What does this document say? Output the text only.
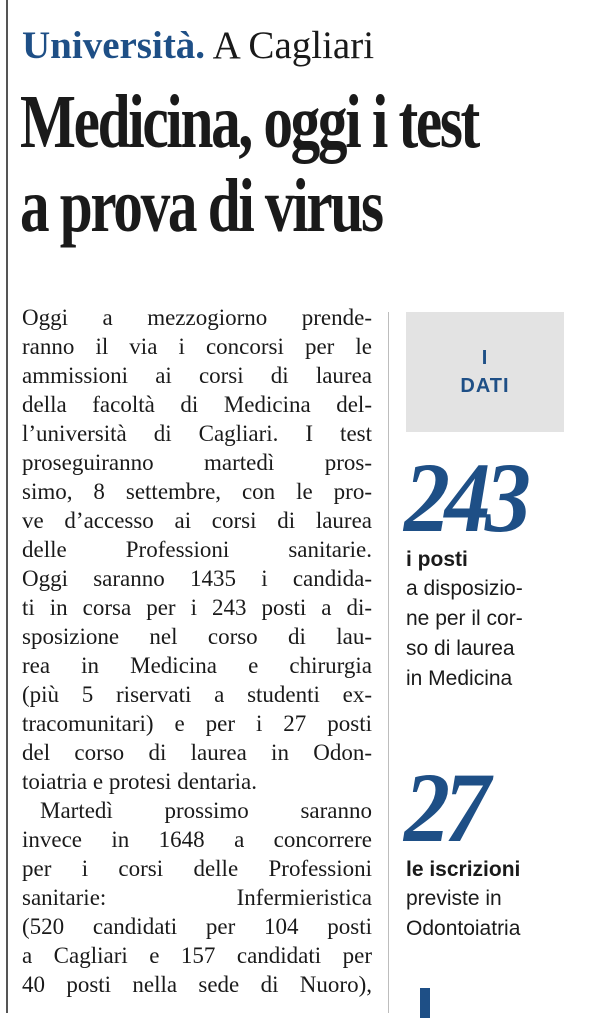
Università. A Cagliari
Medicina, oggi i test
a prova di virus
Oggi a mezzogiorno prende-
ranno il via i concorsi per le
ammissioni ai corsi di laurea
della facoltà di Medicina del-
l’università di Cagliari. I test
proseguiranno martedì pros-
simo, 8 settembre, con le pro-
ve d’accesso ai corsi di laurea
delle Professioni sanitarie.
Oggi saranno 1435 i candida-
ti in corsa per i 243 posti a di-
sposizione nel corso di lau-
rea in Medicina e chirurgia
(più 5 riservati a studenti ex-
tracomunitari) e per i 27 posti
del corso di laurea in Odon-
toiatria e protesi dentaria.
Martedì prossimo saranno
invece in 1648 a concorrere
per i corsi delle Professioni
sanitarie: Infermieristica
(520 candidati per 104 posti
a Cagliari e 157 candidati per
40 posti nella sede di Nuoro),
I
DATI
243
i posti
a disposizio-
ne per il cor-
so di laurea
in Medicina
27
le iscrizioni
previste in
Odontoiatria
